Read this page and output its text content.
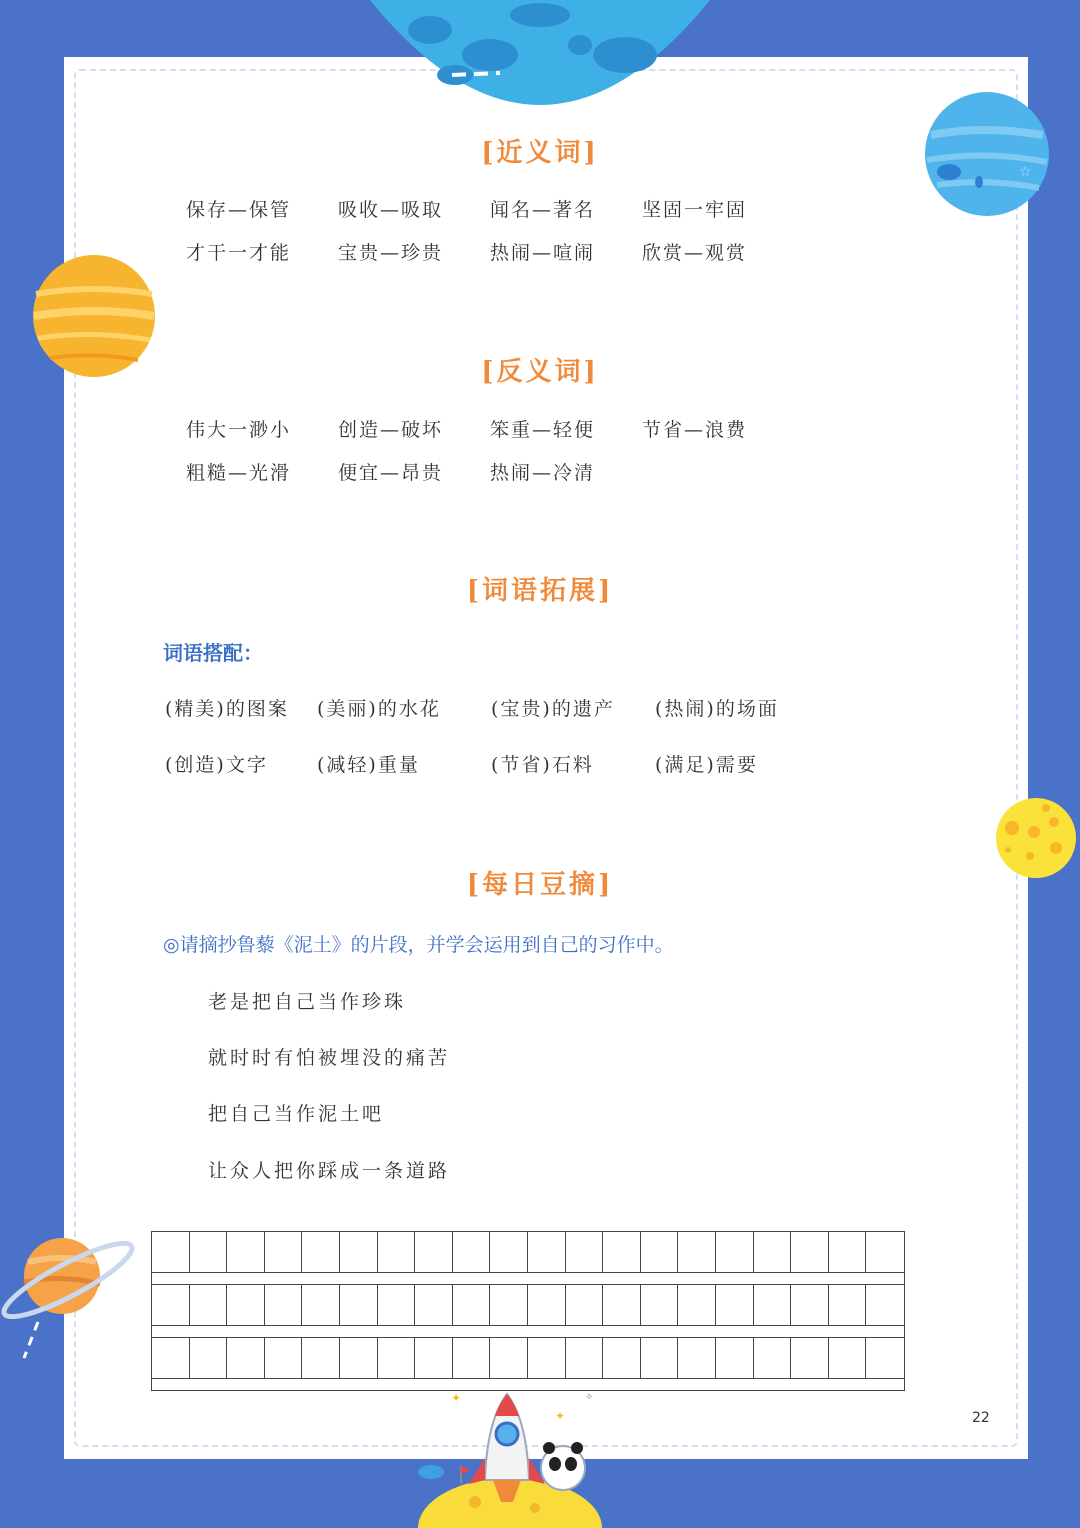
☆
✦
✦
✧
[近义词]
保存—保管	吸收—吸取	闻名—著名	坚固一牢固
才干一才能	宝贵—珍贵	热闹—喧闹	欣赏—观赏
[反义词]
伟大一渺小	创造—破坏	笨重—轻便	节省—浪费
粗糙—光滑	便宜—昂贵	热闹—冷清
[词语拓展]
词语搭配：
(精美)的图案 (美丽)的水花	(宝贵)的遗产 (热闹)的场面
(创造)文字	(减轻)重量	(节省)石料	(满足)需要
[每日豆摘]
◎请摘抄鲁藜《泥土》的片段，并学会运用到自己的习作中。
老是把自己当作珍珠
就时时有怕被埋没的痛苦
把自己当作泥土吧
让众人把你踩成一条道路
22
